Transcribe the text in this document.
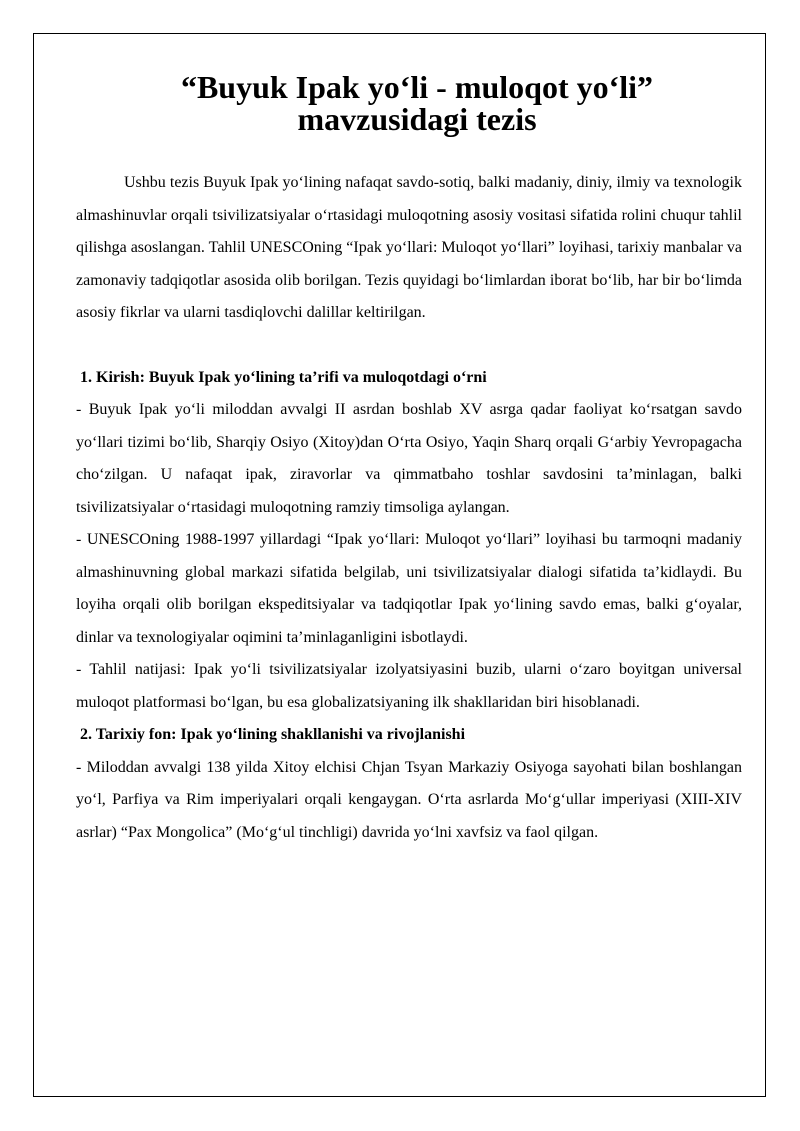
“Buyuk Ipak yo‘li - muloqot yo‘li” mavzusidagi tezis

Ushbu tezis Buyuk Ipak yo‘lining nafaqat savdo-sotiq, balki madaniy, diniy, ilmiy va texnologik almashinuvlar orqali tsivilizatsiyalar o‘rtasidagi muloqotning asosiy vositasi sifatida rolini chuqur tahlil qilishga asoslangan. Tahlil UNESCOning “Ipak yo‘llari: Muloqot yo‘llari” loyihasi, tarixiy manbalar va zamonaviy tadqiqotlar asosida olib borilgan. Tezis quyidagi bo‘limlardan iborat bo‘lib, har bir bo‘limda asosiy fikrlar va ularni tasdiqlovchi dalillar keltirilgan.

1. Kirish: Buyuk Ipak yo‘lining ta’rifi va muloqotdagi o‘rni

- Buyuk Ipak yo‘li miloddan avvalgi II asrdan boshlab XV asrga qadar faoliyat ko‘rsatgan savdo yo‘llari tizimi bo‘lib, Sharqiy Osiyo (Xitoy)dan O‘rta Osiyo, Yaqin Sharq orqali G‘arbiy Yevropagacha cho‘zilgan. U nafaqat ipak, ziravorlar va qimmatbaho toshlar savdosini ta’minlagan, balki tsivilizatsiyalar o‘rtasidagi muloqotning ramziy timsoliga aylangan.

- UNESCOning 1988-1997 yillardagi “Ipak yo‘llari: Muloqot yo‘llari” loyihasi bu tarmoqni madaniy almashinuvning global markazi sifatida belgilab, uni tsivilizatsiyalar dialogi sifatida ta’kidlaydi. Bu loyiha orqali olib borilgan ekspeditsiyalar va tadqiqotlar Ipak yo‘lining savdo emas, balki g‘oyalar, dinlar va texnologiyalar oqimini ta’minlaganligini isbotlaydi.

- Tahlil natijasi: Ipak yo‘li tsivilizatsiyalar izolyatsiyasini buzib, ularni o‘zaro boyitgan universal muloqot platformasi bo‘lgan, bu esa globalizatsiyaning ilk shakllaridan biri hisoblanadi.

2. Tarixiy fon: Ipak yo‘lining shakllanishi va rivojlanishi

- Miloddan avvalgi 138 yilda Xitoy elchisi Chjan Tsyan Markaziy Osiyoga sayohati bilan boshlangan yo‘l, Parfiya va Rim imperiyalari orqali kengaygan. O‘rta asrlarda Mo‘g‘ullar imperiyasi (XIII-XIV asrlar) “Pax Mongolica” (Mo‘g‘ul tinchligi) davrida yo‘lni xavfsiz va faol qilgan.
